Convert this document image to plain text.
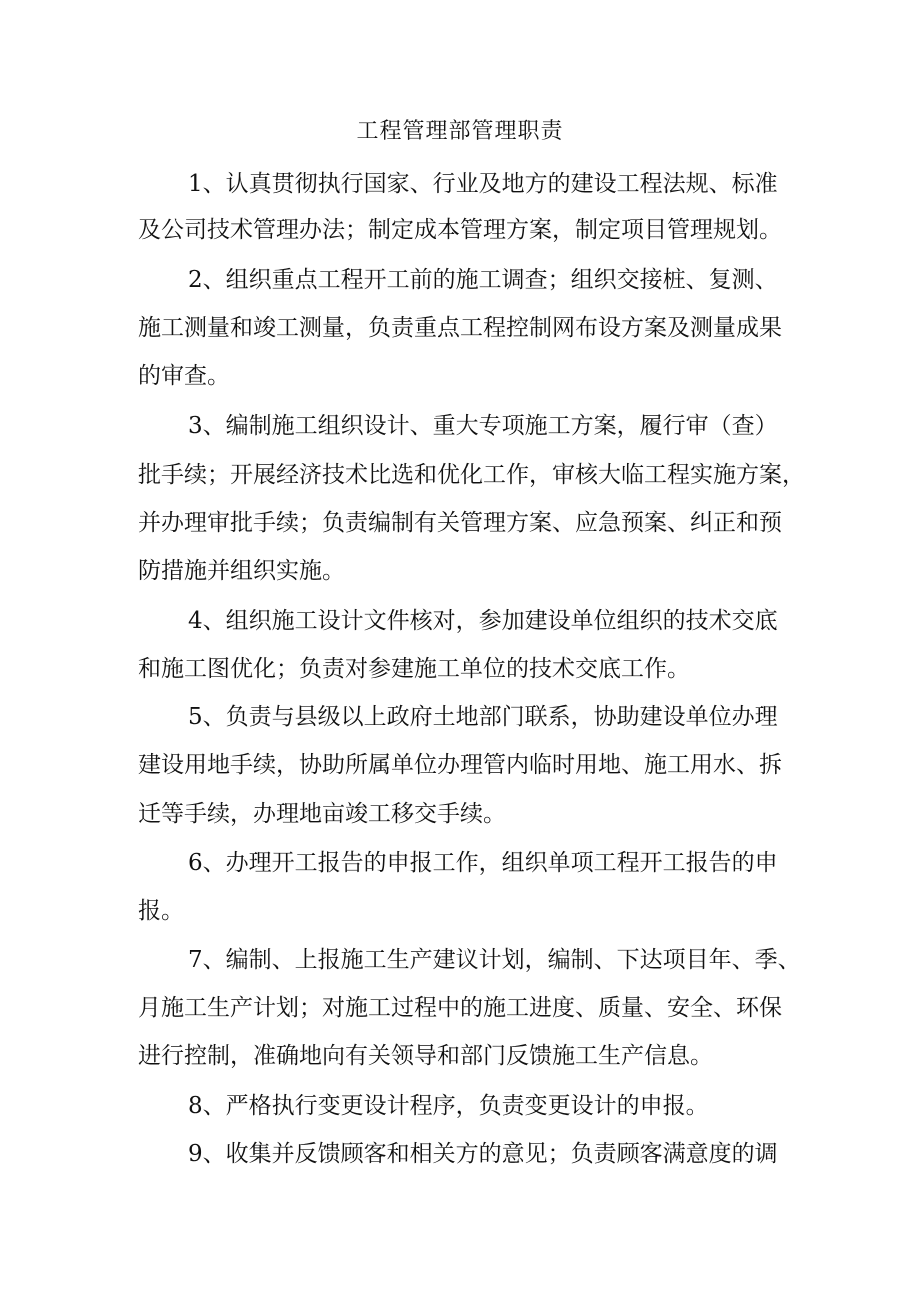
工程管理部管理职责
1、认真贯彻执行国家、行业及地方的建设工程法规、标准
及公司技术管理办法；制定成本管理方案，制定项目管理规划。
2、组织重点工程开工前的施工调查；组织交接桩、复测、
施工测量和竣工测量，负责重点工程控制网布设方案及测量成果
的审查。
3、编制施工组织设计、重大专项施工方案，履行审（查）
批手续；开展经济技术比选和优化工作，审核大临工程实施方案，
并办理审批手续；负责编制有关管理方案、应急预案、纠正和预
防措施并组织实施。
4、组织施工设计文件核对，参加建设单位组织的技术交底
和施工图优化；负责对参建施工单位的技术交底工作。
5、负责与县级以上政府土地部门联系，协助建设单位办理
建设用地手续，协助所属单位办理管内临时用地、施工用水、拆
迁等手续，办理地亩竣工移交手续。
6、办理开工报告的申报工作，组织单项工程开工报告的申
报。
7、编制、上报施工生产建议计划，编制、下达项目年、季、
月施工生产计划；对施工过程中的施工进度、质量、安全、环保
进行控制，准确地向有关领导和部门反馈施工生产信息。
8、严格执行变更设计程序，负责变更设计的申报。
9、收集并反馈顾客和相关方的意见；负责顾客满意度的调
